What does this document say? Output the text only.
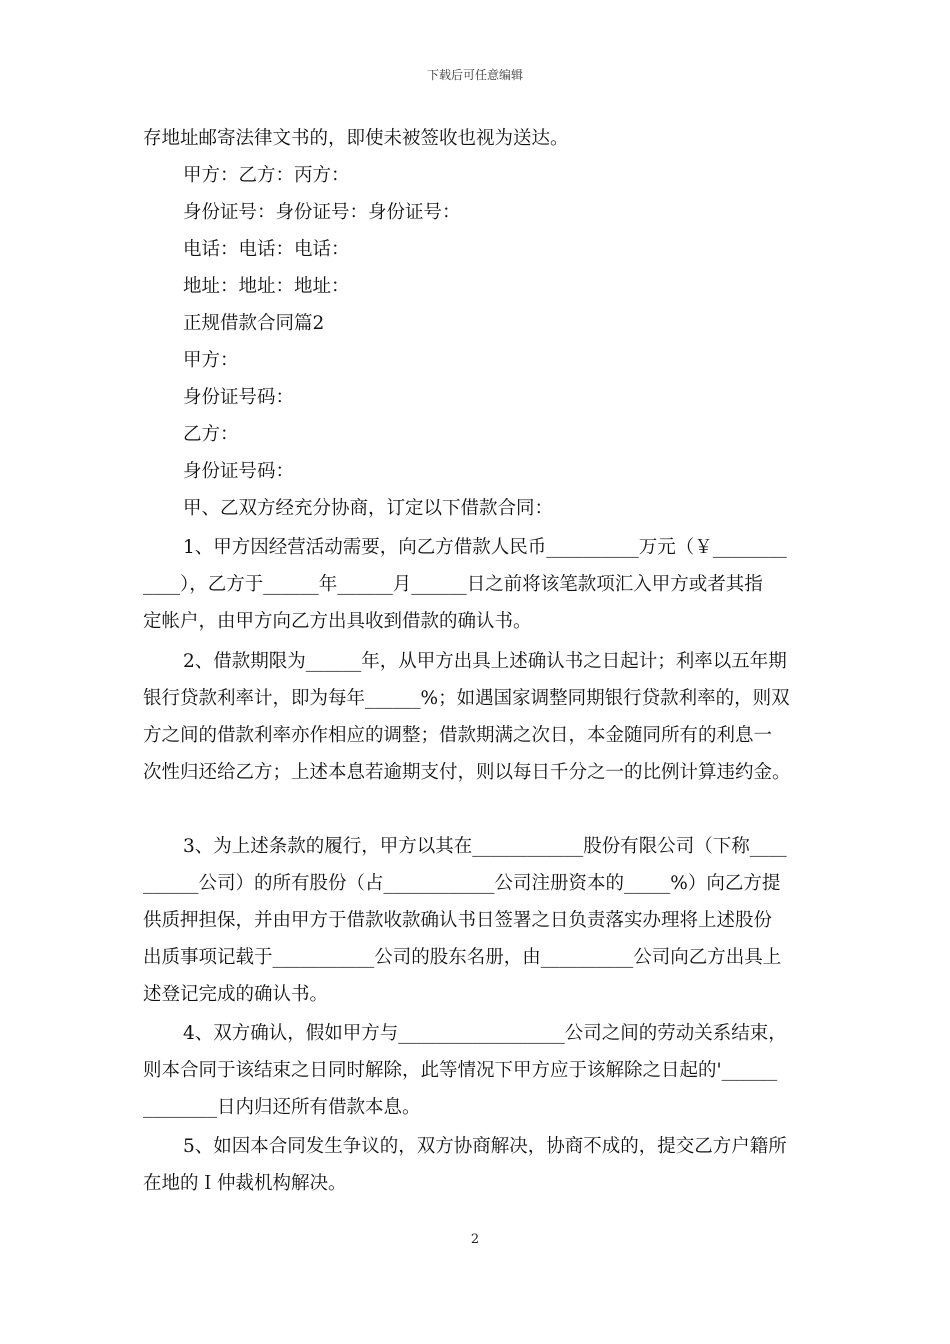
下载后可任意编辑
存地址邮寄法律文书的，即使未被签收也视为送达。
甲方：乙方：丙方：
身份证号：身份证号：身份证号：
电话：电话：电话：
地址：地址：地址：
正规借款合同篇2
甲方：
身份证号码：
乙方：
身份证号码：
甲、乙双方经充分协商，订定以下借款合同：
1、甲方因经营活动需要，向乙方借款人民币__________万元（￥________
____），乙方于______年______月______日之前将该笔款项汇入甲方或者其指
定帐户，由甲方向乙方出具收到借款的确认书。
2、借款期限为______年，从甲方出具上述确认书之日起计；利率以五年期
银行贷款利率计，即为每年______%；如遇国家调整同期银行贷款利率的，则双
方之间的借款利率亦作相应的调整；借款期满之次日，本金随同所有的利息一
次性归还给乙方；上述本息若逾期支付，则以每日千分之一的比例计算违约金。
3、为上述条款的履行，甲方以其在____________股份有限公司（下称____
______公司）的所有股份（占____________公司注册资本的_____%）向乙方提
供质押担保，并由甲方于借款收款确认书日签署之日负责落实办理将上述股份
出质事项记载于___________公司的股东名册，由__________公司向乙方出具上
述登记完成的确认书。
4、双方确认，假如甲方与__________________公司之间的劳动关系结束，
则本合同于该结束之日同时解除，此等情况下甲方应于该解除之日起的'______
________日内归还所有借款本息。
5、如因本合同发生争议的，双方协商解决，协商不成的，提交乙方户籍所
在地的Ｉ仲裁机构解决。
2
